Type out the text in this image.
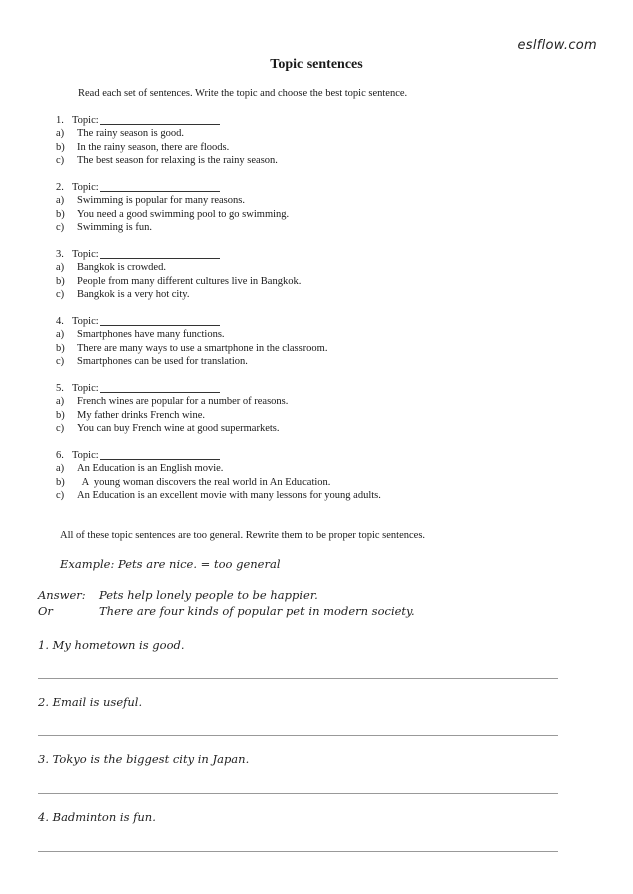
eslflow.com
Topic sentences
Read each set of sentences. Write the topic and choose the best topic sentence.
1. Topic:
a)	The rainy season is good.
b)	In the rainy season, there are floods.
c)	The best season for relaxing is the rainy season.
2. Topic:
a)	Swimming is popular for many reasons.
b)	You need a good swimming pool to go swimming.
c)	Swimming is fun.
3. Topic:
a)	Bangkok is crowded.
b)	People from many different cultures live in Bangkok.
c)	Bangkok is a very hot city.
4. Topic:
a)	Smartphones have many functions.
b)	There are many ways to use a smartphone in the classroom.
c)	Smartphones can be used for translation.
5. Topic:
a)	French wines are popular for a number of reasons.
b)	My father drinks French wine.
c)	You can buy French wine at good supermarkets.
6. Topic:
a)	An Education is an English movie.
b)	A  young woman discovers the real world in An Education.
c)	An Education is an excellent movie with many lessons for young adults.
All of these topic sentences are too general. Rewrite them to be proper topic sentences.
Example: Pets are nice. = too general
Answer:	Pets help lonely people to be happier.
Or	There are four kinds of popular pet in modern society.
1. My hometown is good.
2. Email is useful.
3. Tokyo is the biggest city in Japan.
4. Badminton is fun.
